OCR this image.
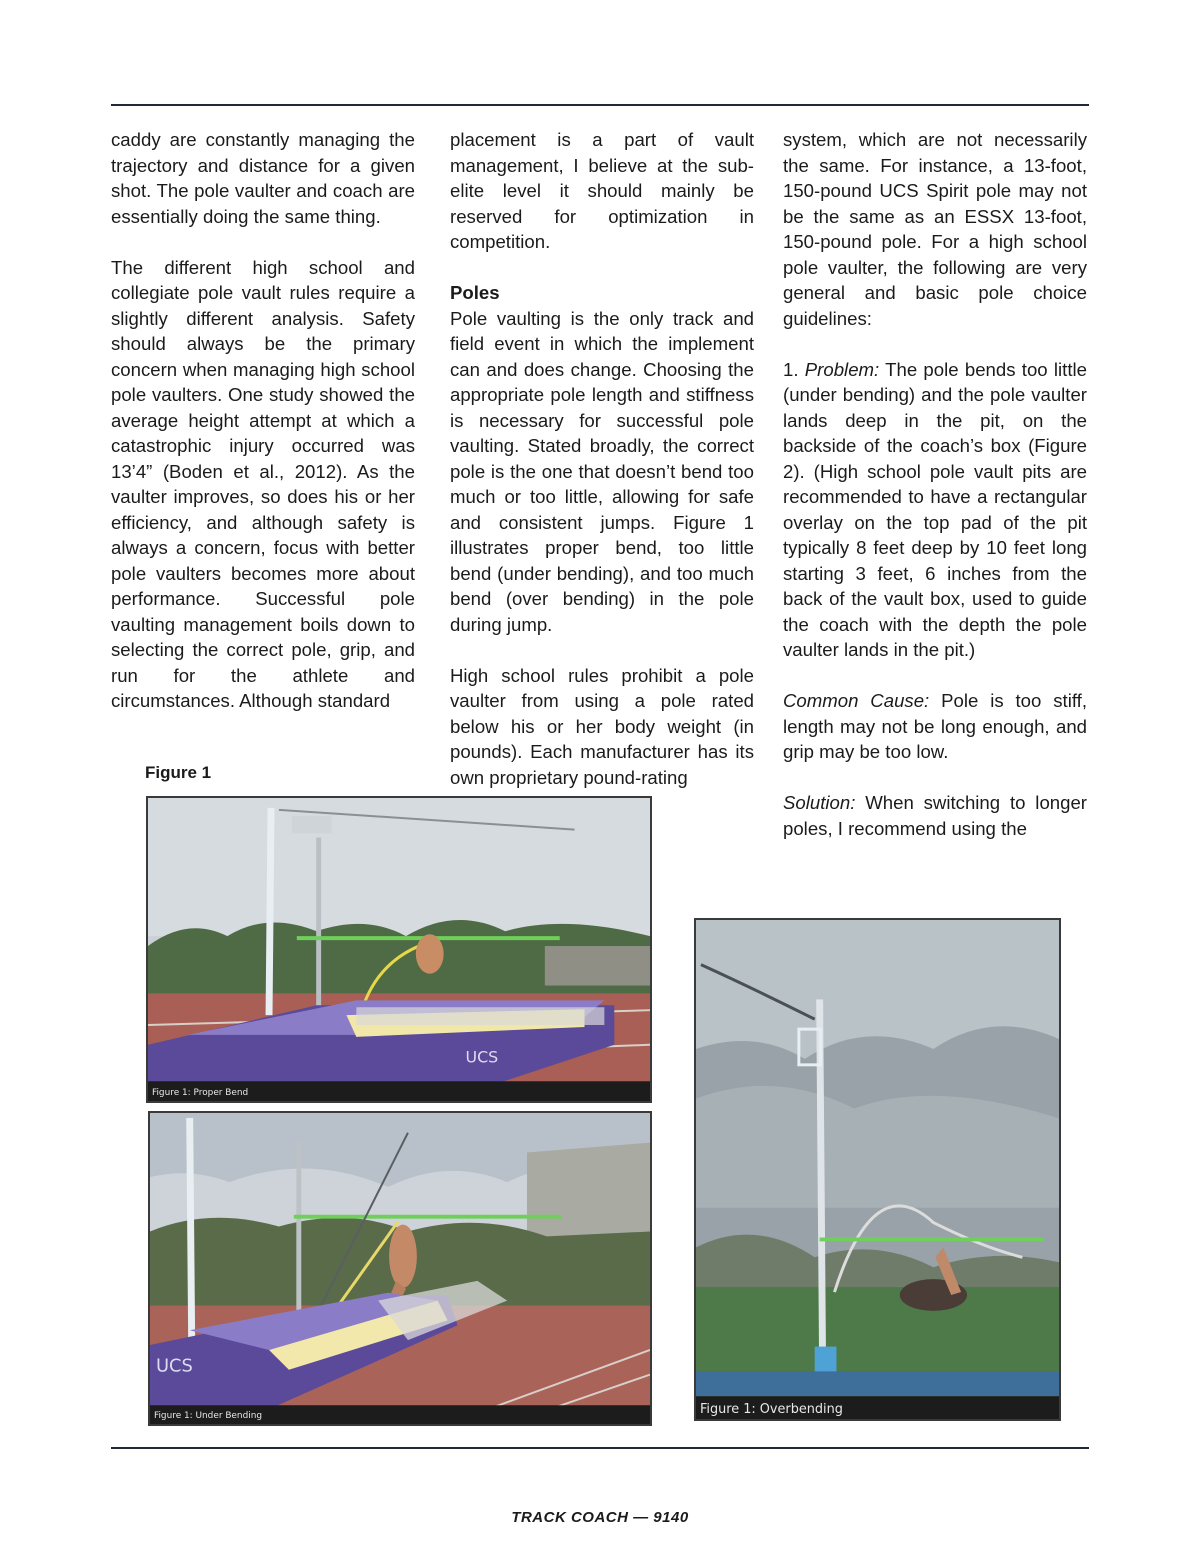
caddy are constantly managing the trajectory and distance for a given shot. The pole vaulter and coach are essentially doing the same thing.

The different high school and collegiate pole vault rules require a slightly different analysis. Safety should always be the primary concern when managing high school pole vaulters. One study showed the average height attempt at which a catastrophic injury occurred was 13’4” (Boden et al., 2012). As the vaulter improves, so does his or her efficiency, and although safety is always a concern, focus with better pole vaulters becomes more about performance. Successful pole vaulting management boils down to selecting the correct pole, grip, and run for the athlete and circumstances. Although standard

placement is a part of vault management, I believe at the sub-elite level it should mainly be reserved for optimization in competition.

Poles
Pole vaulting is the only track and field event in which the implement can and does change. Choosing the appropriate pole length and stiffness is necessary for successful pole vaulting. Stated broadly, the correct pole is the one that doesn’t bend too much or too little, allowing for safe and consistent jumps. Figure 1 illustrates proper bend, too little bend (under bending), and too much bend (over bending) in the pole during jump.

High school rules prohibit a pole vaulter from using a pole rated below his or her body weight (in pounds). Each manufacturer has its own proprietary pound-rating

system, which are not necessarily the same. For instance, a 13-foot, 150-pound UCS Spirit pole may not be the same as an ESSX 13-foot, 150-pound pole. For a high school pole vaulter, the following are very general and basic pole choice guidelines:

1. Problem: The pole bends too little (under bending) and the pole vaulter lands deep in the pit, on the backside of the coach’s box (Figure 2). (High school pole vault pits are recommended to have a rectangular overlay on the top pad of the pit typically 8 feet deep by 10 feet long starting 3 feet, 6 inches from the back of the vault box, used to guide the coach with the depth the pole vaulter lands in the pit.)

Common Cause: Pole is too stiff, length may not be long enough, and grip may be too low.

Solution: When switching to longer poles, I recommend using the

Figure 1
UCS
Figure 1: Proper Bend
UCS
Figure 1: Under Bending	Figure 1: Overbending
TRACK COACH — 9140
